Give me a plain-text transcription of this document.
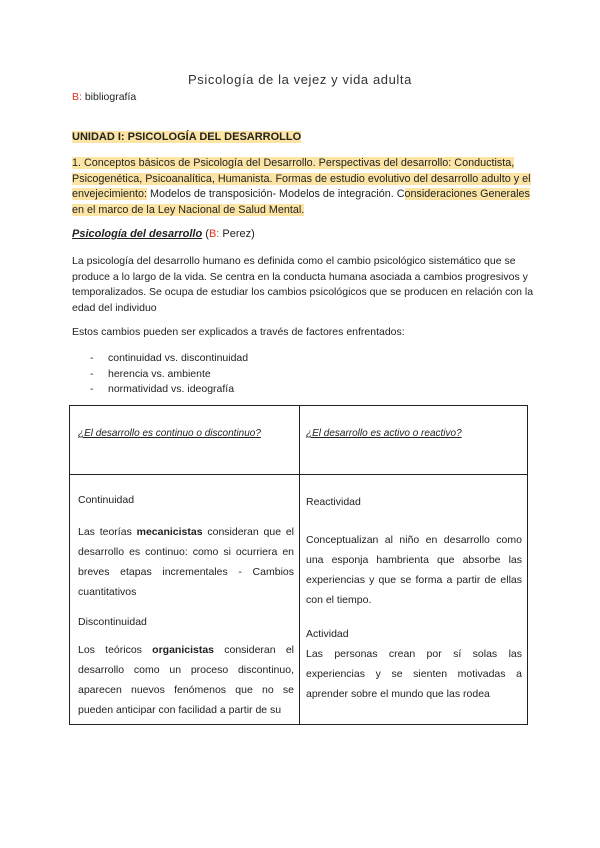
Psicología de la vejez y vida adulta
B: bibliografía
UNIDAD I: PSICOLOGÍA DEL DESARROLLO
1. Conceptos básicos de Psicología del Desarrollo. Perspectivas del desarrollo: Conductista, Psicogenética, Psicoanalítica, Humanista. Formas de estudio evolutivo del desarrollo adulto y el envejecimiento: Modelos de transposición- Modelos de integración. Consideraciones Generales en el marco de la Ley Nacional de Salud Mental.
Psicología del desarrollo (B: Perez)
La psicología del desarrollo humano es definida como el cambio psicológico sistemático que se produce a lo largo de la vida. Se centra en la conducta humana asociada a cambios progresivos y temporalizados. Se ocupa de estudiar los cambios psicológicos que se producen en relación con la edad del individuo
Estos cambios pueden ser explicados a través de factores enfrentados:
- continuidad vs. discontinuidad
- herencia vs. ambiente
- normatividad vs. ideografía
¿El desarrollo es continuo o discontinuo?	¿El desarrollo es activo o reactivo?

Continuidad

Las teorías mecanicistas consideran que el desarrollo es continuo: como si ocurriera en breves etapas incrementales - Cambios cuantitativos

Discontinuidad

Los teóricos organicistas consideran el desarrollo como un proceso discontinuo, aparecen nuevos fenómenos que no se pueden anticipar con facilidad a partir de su

Reactividad

Conceptualizan al niño en desarrollo como una esponja hambrienta que absorbe las experiencias y que se forma a partir de ellas con el tiempo.

Actividad

Las personas crean por sí solas las experiencias y se sienten motivadas a aprender sobre el mundo que las rodea
